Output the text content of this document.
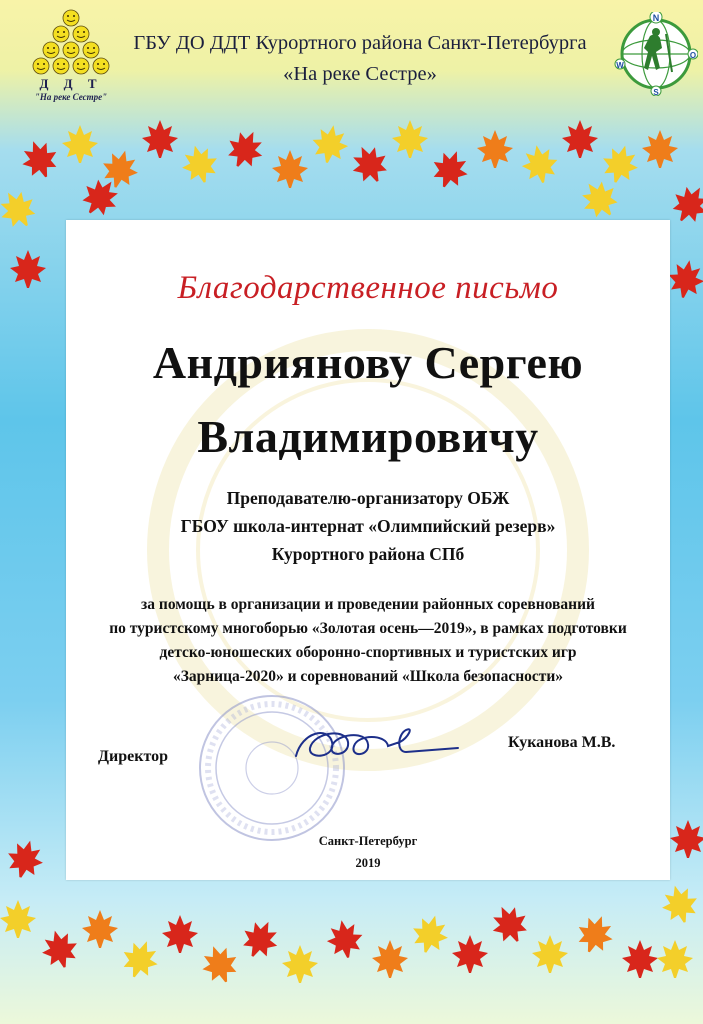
Д Д Т
"На реке Сестре"
ГБУ ДО ДДТ Курортного района Санкт-Петербурга
«На реке Сестре»
N
O
S
W
Благодарственное письмо
Андриянову Сергею
Владимировичу
Преподавателю-организатору ОБЖ
ГБОУ школа-интернат «Олимпийский резерв»
Курортного района СПб
за помощь в организации и проведении районных соревнований
по туристскому многоборью «Золотая осень—2019», в рамках подготовки
детско-юношеских оборонно-спортивных и туристских игр
«Зарница-2020» и соревнований «Школа безопасности»
Директор
Куканова М.В.
Санкт-Петербург
2019
